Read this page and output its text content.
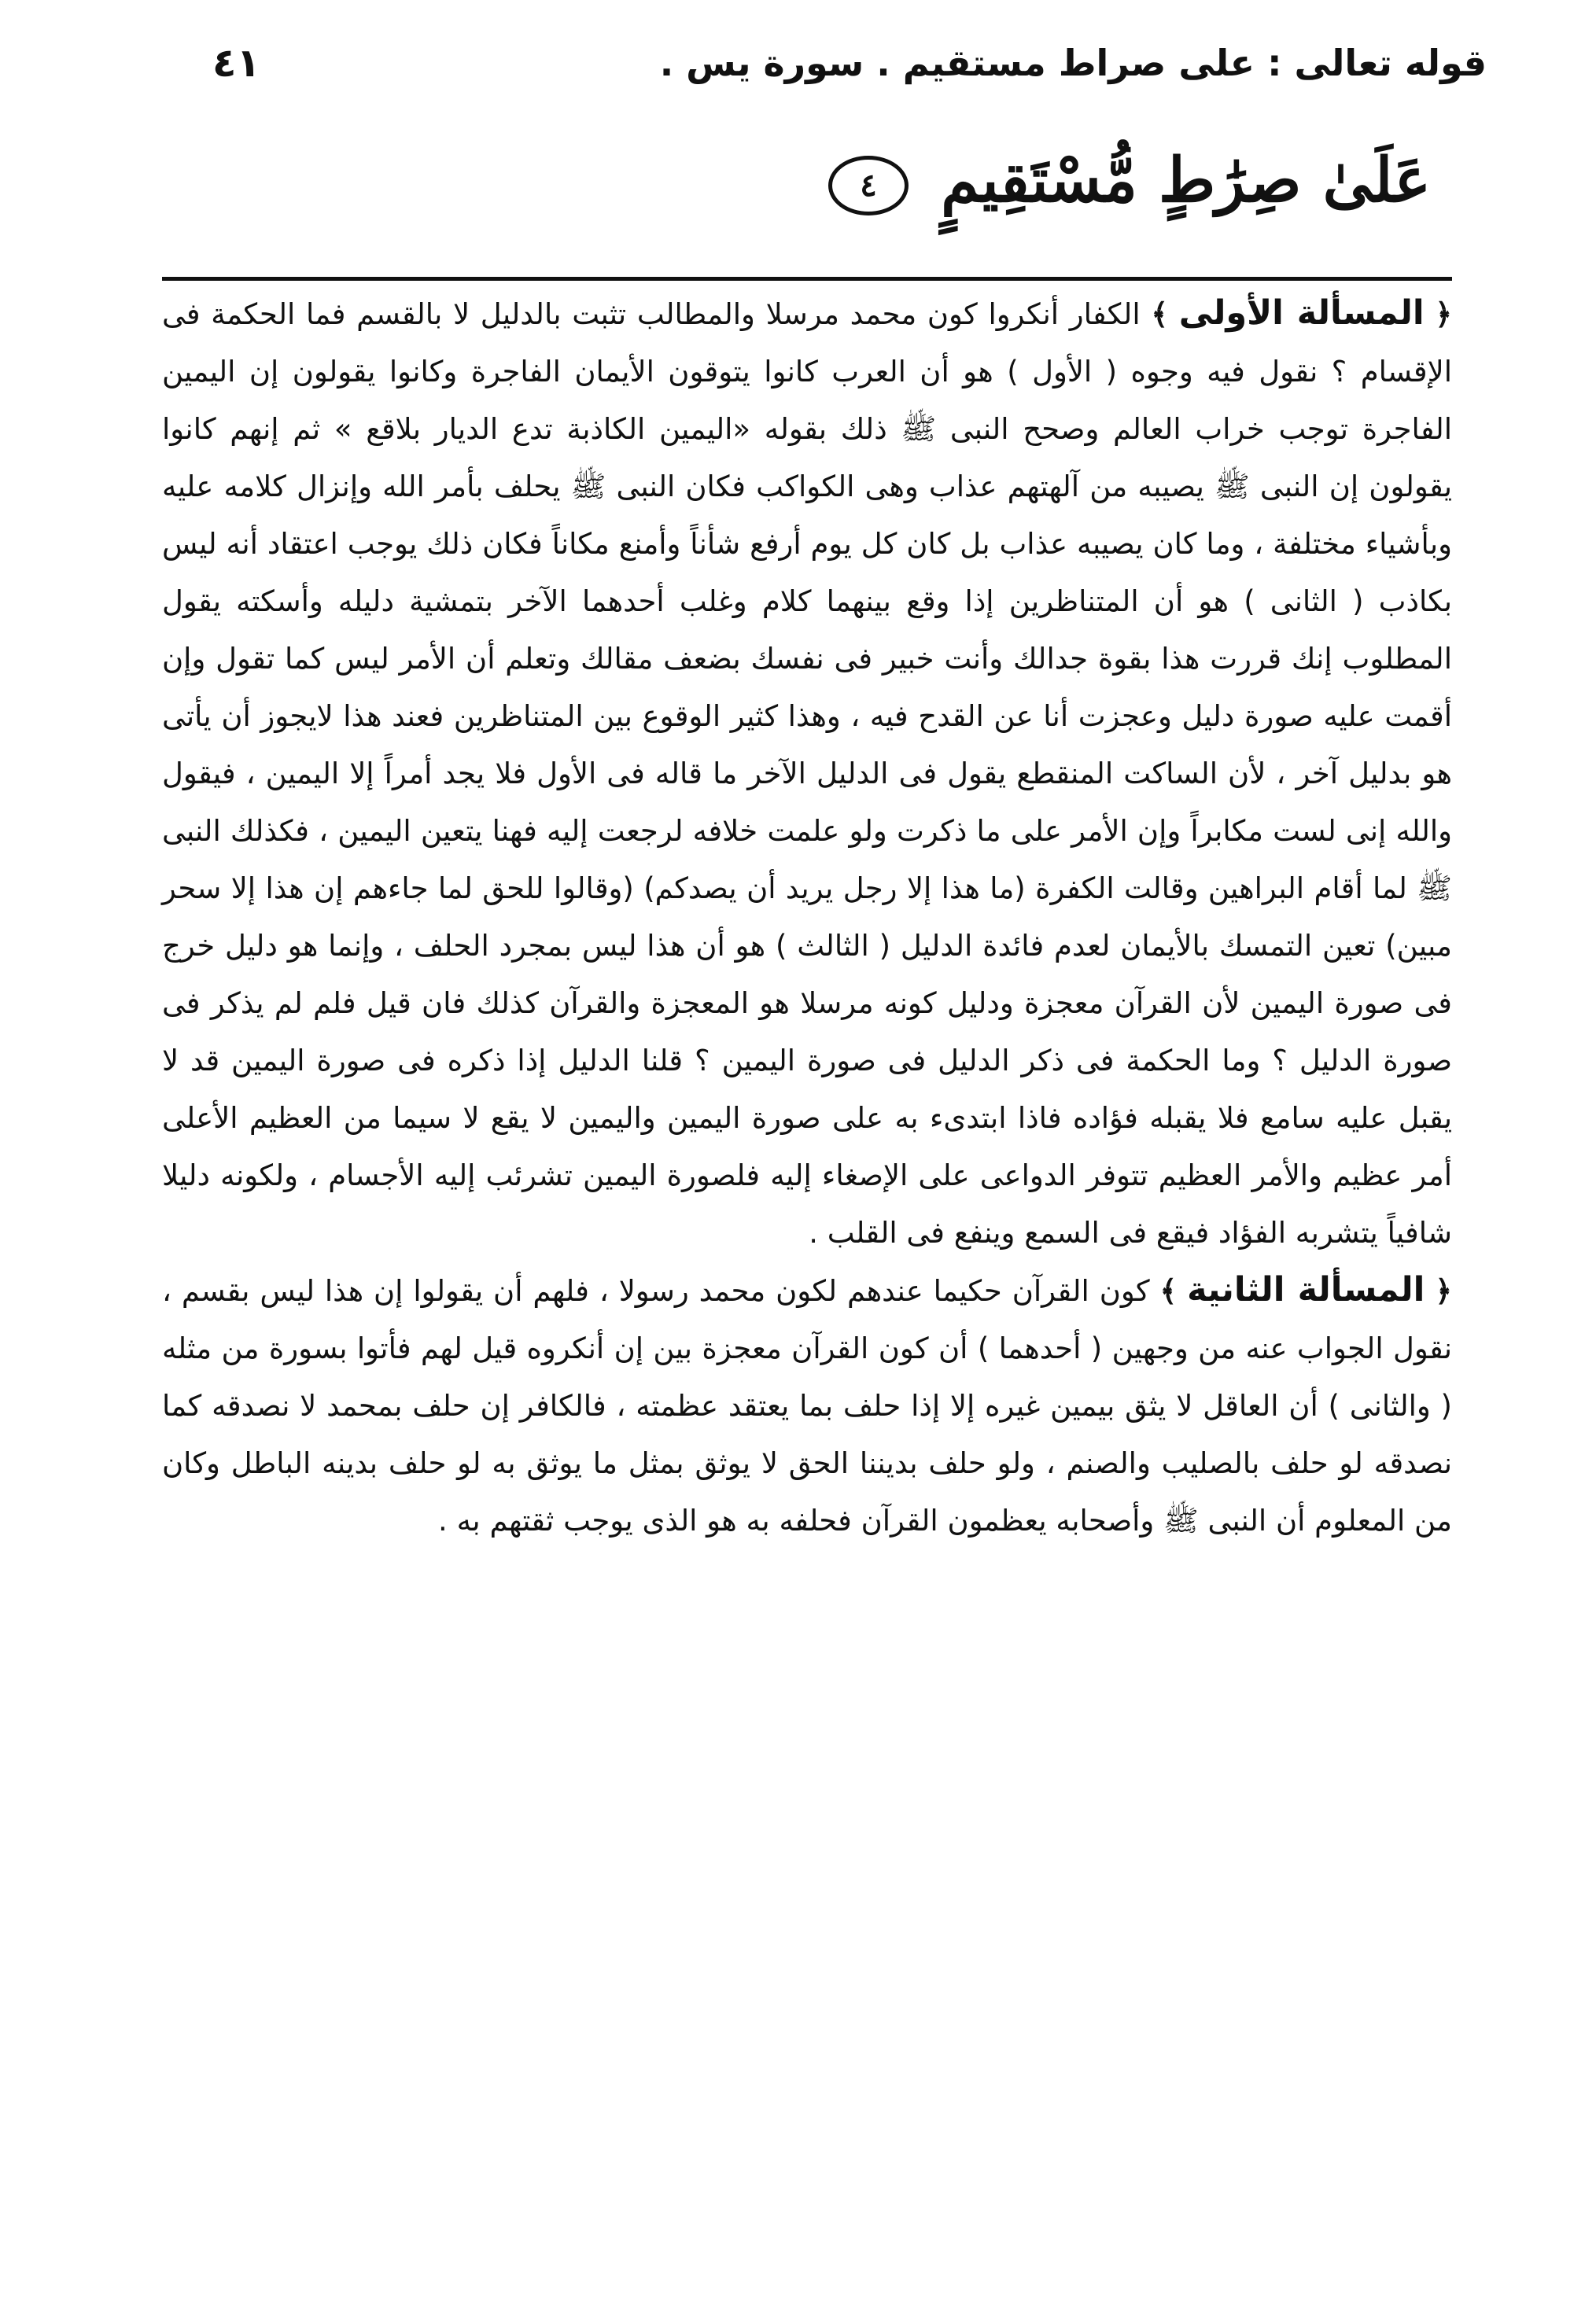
قوله تعالى : على صراط مستقيم . سورة يس .
٤١
عَلَىٰ صِرَٰطٍ مُّسْتَقِيمٍ ٤

﴿ المسألة الأولى ﴾ الكفار أنكروا كون محمد مرسلا والمطالب تثبت بالدليل لا بالقسم فما الحكمة فى الإقسام ؟ نقول فيه وجوه ( الأول ) هو أن العرب كانوا يتوقون الأيمان الفاجرة وكانوا يقولون إن اليمين الفاجرة توجب خراب العالم وصحح النبى ﷺ ذلك بقوله «اليمين الكاذبة تدع الديار بلاقع » ثم إنهم كانوا يقولون إن النبى ﷺ يصيبه من آلهتهم عذاب وهى الكواكب فكان النبى ﷺ يحلف بأمر الله وإنزال كلامه عليه وبأشياء مختلفة ، وما كان يصيبه عذاب بل كان كل يوم أرفع شأناً وأمنع مكاناً فكان ذلك يوجب اعتقاد أنه ليس بكاذب ( الثانى ) هو أن المتناظرين إذا وقع بينهما كلام وغلب أحدهما الآخر بتمشية دليله وأسكته يقول المطلوب إنك قررت هذا بقوة جدالك وأنت خبير فى نفسك بضعف مقالك وتعلم أن الأمر ليس كما تقول وإن أقمت عليه صورة دليل وعجزت أنا عن القدح فيه ، وهذا كثير الوقوع بين المتناظرين فعند هذا لايجوز أن يأتى هو بدليل آخر ، لأن الساكت المنقطع يقول فى الدليل الآخر ما قاله فى الأول فلا يجد أمراً إلا اليمين ، فيقول والله إنى لست مكابراً وإن الأمر على ما ذكرت ولو علمت خلافه لرجعت إليه فهنا يتعين اليمين ، فكذلك النبى ﷺ لما أقام البراهين وقالت الكفرة (ما هذا إلا رجل يريد أن يصدكم) (وقالوا للحق لما جاءهم إن هذا إلا سحر مبين) تعين التمسك بالأيمان لعدم فائدة الدليل ( الثالث ) هو أن هذا ليس بمجرد الحلف ، وإنما هو دليل خرج فى صورة اليمين لأن القرآن معجزة ودليل كونه مرسلا هو المعجزة والقرآن كذلك فان قيل فلم لم يذكر فى صورة الدليل ؟ وما الحكمة فى ذكر الدليل فى صورة اليمين ؟ قلنا الدليل إذا ذكره فى صورة اليمين قد لا يقبل عليه سامع فلا يقبله فؤاده فاذا ابتدىء به على صورة اليمين واليمين لا يقع لا سيما من العظيم الأعلى أمر عظيم والأمر العظيم تتوفر الدواعى على الإصغاء إليه فلصورة اليمين تشرئب إليه الأجسام ، ولكونه دليلا شافياً يتشربه الفؤاد فيقع فى السمع وينفع فى القلب .

﴿ المسألة الثانية ﴾ كون القرآن حكيما عندهم لكون محمد رسولا ، فلهم أن يقولوا إن هذا ليس بقسم ، نقول الجواب عنه من وجهين ( أحدهما ) أن كون القرآن معجزة بين إن أنكروه قيل لهم فأتوا بسورة من مثله ( والثانى ) أن العاقل لا يثق بيمين غيره إلا إذا حلف بما يعتقد عظمته ، فالكافر إن حلف بمحمد لا نصدقه كما نصدقه لو حلف بالصليب والصنم ، ولو حلف بديننا الحق لا يوثق بمثل ما يوثق به لو حلف بدينه الباطل وكان من المعلوم أن النبى ﷺ وأصحابه يعظمون القرآن فحلفه به هو الذى يوجب ثقتهم به .
